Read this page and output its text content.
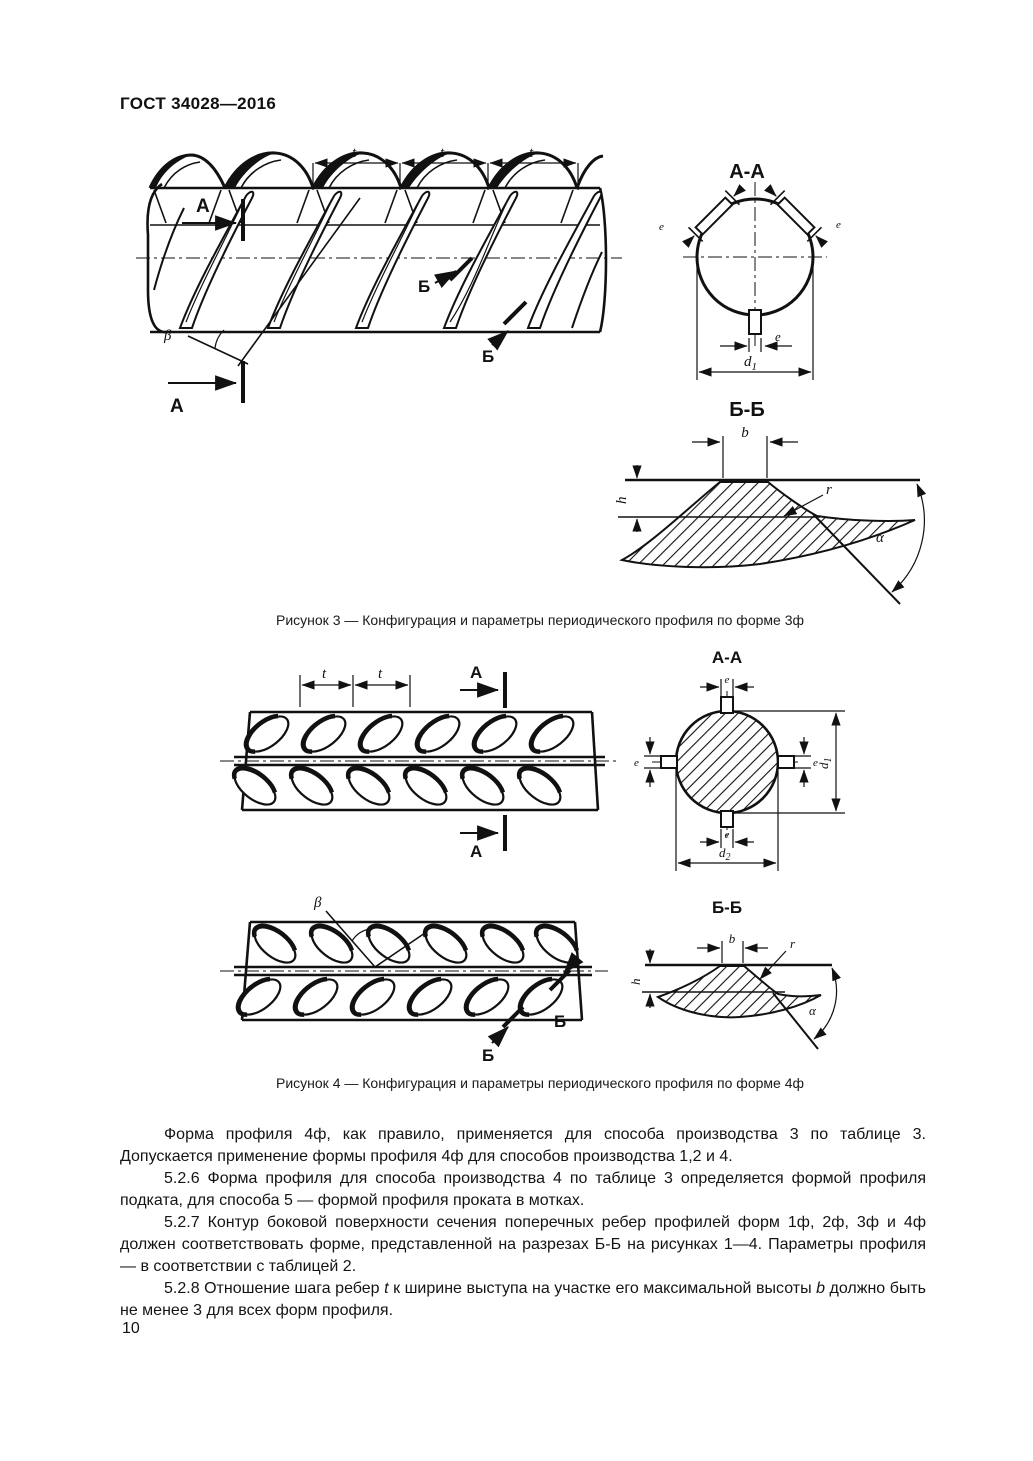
ГОСТ 34028—2016
t	t	t
А
А
Б
Б
β
А-А
е	е
е
$d_1$
Б-Б
b
h
r
α
Рисунок 3 — Конфигурация и параметры периодического профиля по форме 3ф
t	t	А
А
А-А
е
е	е
е
$d_1$
$d_2$
Б-Б
β
Б
Б
b
h
r
α
Рисунок 4 — Конфигурация и параметры периодического профиля по форме 4ф

Форма профиля 4ф, как правило, применяется для способа производства 3 по таблице 3. Допускается применение формы профиля 4ф для способов производства 1,2 и 4.

5.2.6 Форма профиля для способа производства 4 по таблице 3 определяется формой профиля подката, для способа 5 — формой профиля проката в мотках.

5.2.7 Контур боковой поверхности сечения поперечных ребер профилей форм 1ф, 2ф, 3ф и 4ф должен соответствовать форме, представленной на разрезах Б-Б на рисунках 1—4. Параметры профиля — в соответствии с таблицей 2.

5.2.8 Отношение шага ребер t к ширине выступа на участке его максимальной высоты b должно быть не менее 3 для всех форм профиля.

10
